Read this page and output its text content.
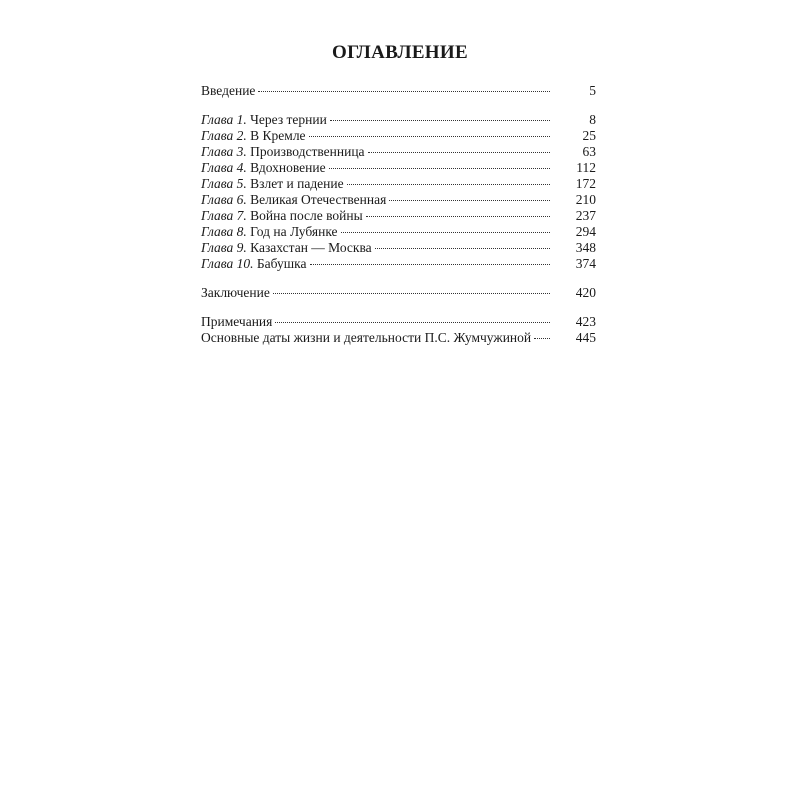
ОГЛАВЛЕНИЕ
Введение	5
Глава 1. Через тернии	8
Глава 2. В Кремле	25
Глава 3. Производственница	63
Глава 4. Вдохновение	112
Глава 5. Взлет и падение	172
Глава 6. Великая Отечественная	210
Глава 7. Война после войны	237
Глава 8. Год на Лубянке	294
Глава 9. Казахстан — Москва	348
Глава 10. Бабушка	374
Заключение	420
Примечания	423
Основные даты жизни и деятельности П.С. Жумчужиной	445
